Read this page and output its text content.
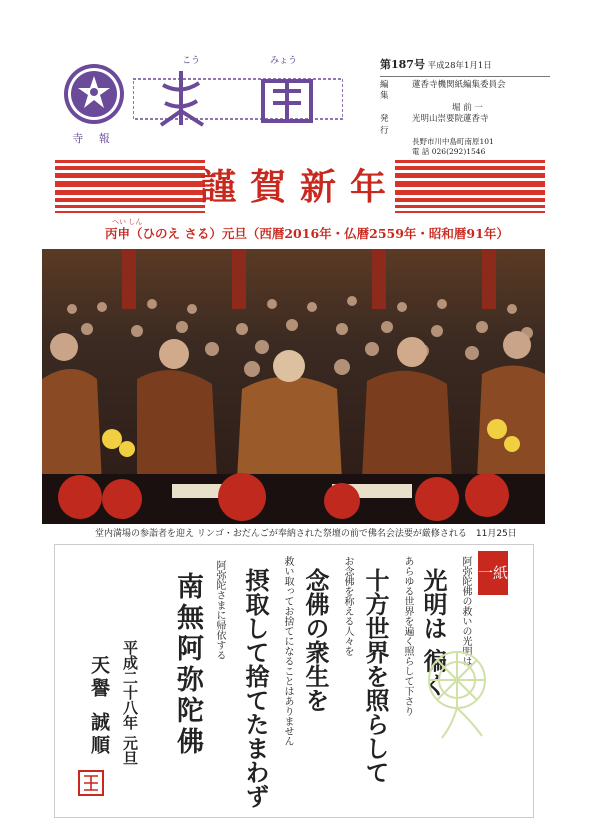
寺 報
こう	みょう	第187号 平成28年1月1日
編 集
蓮香寺機関紙編集委員会
堀 前 一
発 行
光明山崇要院蓮香寺
長野市川中島町南原101
電 話 026(292)1546
謹賀新年
へい しん
丙申（ひのえ さる）元旦（西暦2016年・仏暦2559年・昭和暦91年）
堂内満場の参詣者を迎え リンゴ・おだんごが奉納された祭壇の前で佛名会法要が厳修される　11月25日
一紙
阿弥陀佛の救いの光明は
光明は 徧く
あらゆる世界を遍く照らして下さり
十方世界を照らして
お念佛を称える人々を
念佛の衆生を
救い取ってお捨てになることはありません
摂取して捨てたまわず
阿弥陀さまに帰依する
南無阿弥陀佛
平成二十八年 元旦
天譽 誠順
